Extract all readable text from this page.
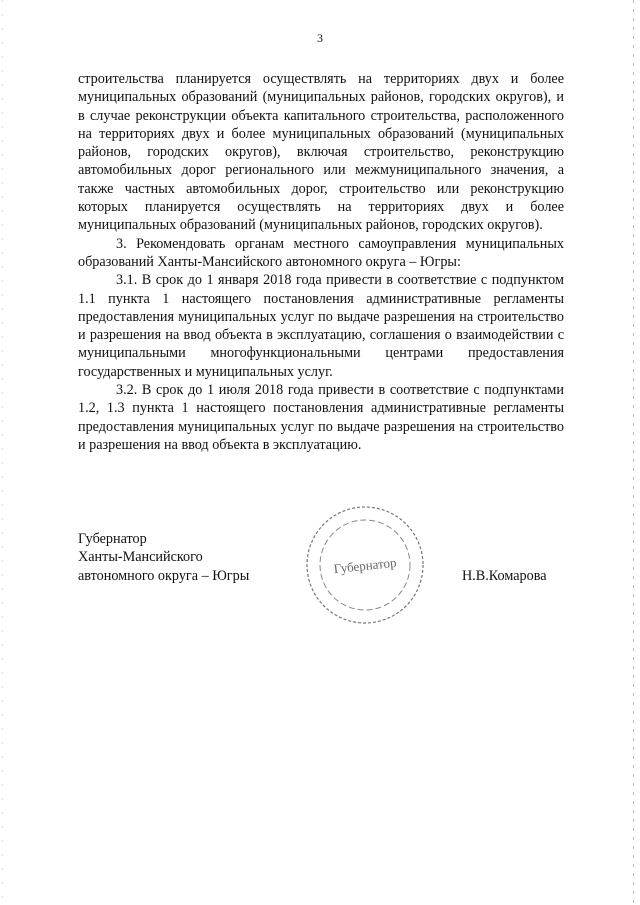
3

строительства планируется осуществлять на территориях двух и более муниципальных образований (муниципальных районов, городских округов), и в случае реконструкции объекта капитального строительства, расположенного на территориях двух и более муниципальных образований (муниципальных районов, городских округов), включая строительство, реконструкцию автомобильных дорог регионального или межмуниципального значения, а также частных автомобильных дорог, строительство или реконструкцию которых планируется осуществлять на территориях двух и более муниципальных образований (муниципальных районов, городских округов).

3. Рекомендовать органам местного самоуправления муниципальных образований Ханты-Мансийского автономного округа – Югры:

3.1. В срок до 1 января 2018 года привести в соответствие с подпунктом 1.1 пункта 1 настоящего постановления административные регламенты предоставления муниципальных услуг по выдаче разрешения на строительство и разрешения на ввод объекта в эксплуатацию, соглашения о взаимодействии с муниципальными многофункциональными центрами предоставления государственных и муниципальных услуг.

3.2. В срок до 1 июля 2018 года привести в соответствие с подпунктами 1.2, 1.3 пункта 1 настоящего постановления административные регламенты предоставления муниципальных услуг по выдаче разрешения на строительство и разрешения на ввод объекта в эксплуатацию.

Губернатор
Ханты-Мансийского
автономного округа – Югры	Губернатор	Н.В.Комарова
